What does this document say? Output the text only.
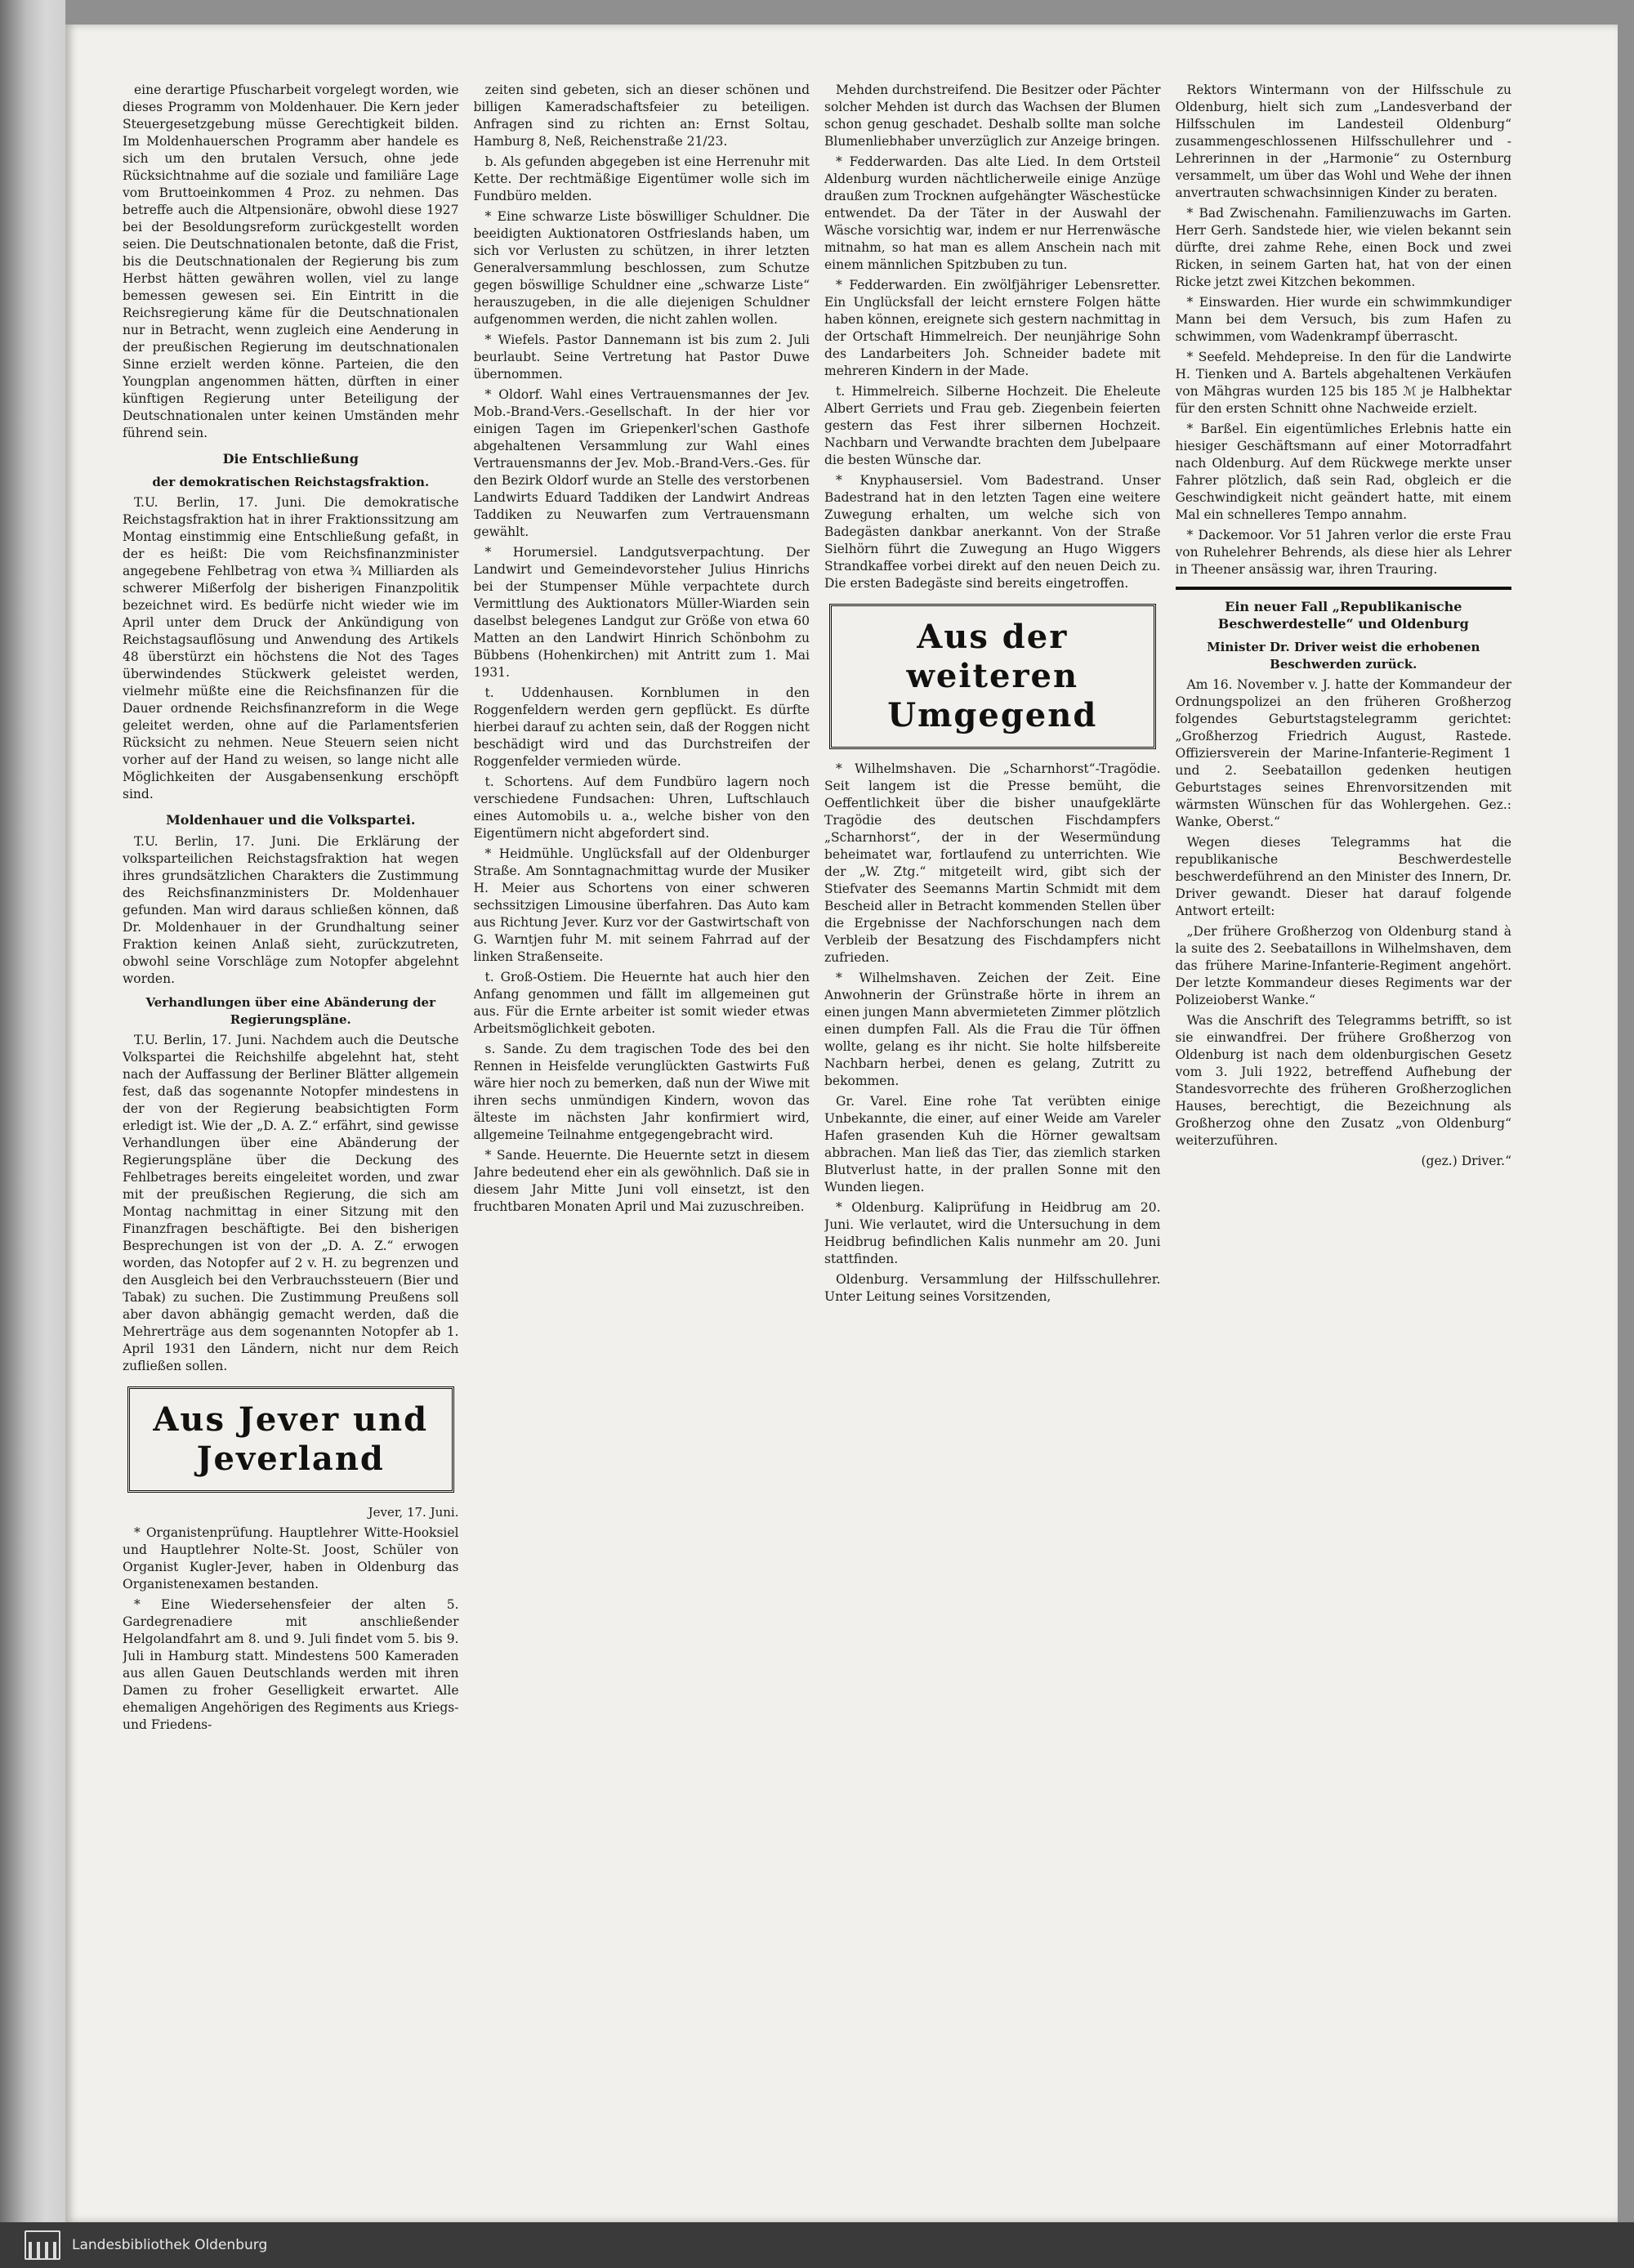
eine derartige Pfuscharbeit vorgelegt worden, wie dieses Programm von Moldenhauer. Die Kern jeder Steuergesetzgebung müsse Gerechtigkeit bilden. Im Moldenhauerschen Programm aber handele es sich um den brutalen Versuch, ohne jede Rücksichtnahme auf die soziale und familiäre Lage vom Bruttoeinkommen 4 Proz. zu nehmen. Das betreffe auch die Altpensionäre, obwohl diese 1927 bei der Besoldungsreform zurückgestellt worden seien. Die Deutschnationalen betonte, daß die Frist, bis die Deutschnationalen der Regierung bis zum Herbst hätten gewähren wollen, viel zu lange bemessen gewesen sei. Ein Eintritt in die Reichsregierung käme für die Deutschnationalen nur in Betracht, wenn zugleich eine Aenderung in der preußischen Regierung im deutschnationalen Sinne erzielt werden könne. Parteien, die den Youngplan angenommen hätten, dürften in einer künftigen Regierung unter Beteiligung der Deutschnationalen unter keinen Umständen mehr führend sein.

Die Entschließung
der demokratischen Reichstagsfraktion.

T.U. Berlin, 17. Juni. Die demokratische Reichstagsfraktion hat in ihrer Fraktionssitzung am Montag einstimmig eine Entschließung gefaßt, in der es heißt: Die vom Reichsfinanzminister angegebene Fehlbetrag von etwa ¾ Milliarden als schwerer Mißerfolg der bisherigen Finanzpolitik bezeichnet wird. Es bedürfe nicht wieder wie im April unter dem Druck der Ankündigung von Reichstagsauflösung und Anwendung des Artikels 48 überstürzt ein höchstens die Not des Tages überwindendes Stückwerk geleistet werden, vielmehr müßte eine die Reichsfinanzen für die Dauer ordnende Reichsfinanzreform in die Wege geleitet werden, ohne auf die Parlamentsferien Rücksicht zu nehmen. Neue Steuern seien nicht vorher auf der Hand zu weisen, so lange nicht alle Möglichkeiten der Ausgabensenkung erschöpft sind.

Moldenhauer und die Volkspartei.

T.U. Berlin, 17. Juni. Die Erklärung der volksparteilichen Reichstagsfraktion hat wegen ihres grundsätzlichen Charakters die Zustimmung des Reichsfinanzministers Dr. Moldenhauer gefunden. Man wird daraus schließen können, daß Dr. Moldenhauer in der Grundhaltung seiner Fraktion keinen Anlaß sieht, zurückzutreten, obwohl seine Vorschläge zum Notopfer abgelehnt worden.

Verhandlungen über eine Abänderung der Regierungspläne.

T.U. Berlin, 17. Juni. Nachdem auch die Deutsche Volkspartei die Reichshilfe abgelehnt hat, steht nach der Auffassung der Berliner Blätter allgemein fest, daß das sogenannte Notopfer mindestens in der von der Regierung beabsichtigten Form erledigt ist. Wie der „D. A. Z.“ erfährt, sind gewisse Verhandlungen über eine Abänderung der Regierungspläne über die Deckung des Fehlbetrages bereits eingeleitet worden, und zwar mit der preußischen Regierung, die sich am Montag nachmittag in einer Sitzung mit den Finanzfragen beschäftigte. Bei den bisherigen Besprechungen ist von der „D. A. Z.“ erwogen worden, das Notopfer auf 2 v. H. zu begrenzen und den Ausgleich bei den Verbrauchssteuern (Bier und Tabak) zu suchen. Die Zustimmung Preußens soll aber davon abhängig gemacht werden, daß die Mehrerträge aus dem sogenannten Notopfer ab 1. April 1931 den Ländern, nicht nur dem Reich zufließen sollen.

Aus Jever und Jeverland
Jever, 17. Juni.

* Organistenprüfung. Hauptlehrer Witte-Hooksiel und Hauptlehrer Nolte-St. Joost, Schüler von Organist Kugler-Jever, haben in Oldenburg das Organistenexamen bestanden.

* Eine Wiedersehensfeier der alten 5. Gardegrenadiere mit anschließender Helgolandfahrt am 8. und 9. Juli findet vom 5. bis 9. Juli in Hamburg statt. Mindestens 500 Kameraden aus allen Gauen Deutschlands werden mit ihren Damen zu froher Geselligkeit erwartet. Alle ehemaligen Angehörigen des Regiments aus Kriegs- und Friedens-

zeiten sind gebeten, sich an dieser schönen und billigen Kameradschaftsfeier zu beteiligen. Anfragen sind zu richten an: Ernst Soltau, Hamburg 8, Neß, Reichenstraße 21/23.

b. Als gefunden abgegeben ist eine Herrenuhr mit Kette. Der rechtmäßige Eigentümer wolle sich im Fundbüro melden.

* Eine schwarze Liste böswilliger Schuldner. Die beeidigten Auktionatoren Ostfrieslands haben, um sich vor Verlusten zu schützen, in ihrer letzten Generalversammlung beschlossen, zum Schutze gegen böswillige Schuldner eine „schwarze Liste“ herauszugeben, in die alle diejenigen Schuldner aufgenommen werden, die nicht zahlen wollen.

* Wiefels. Pastor Dannemann ist bis zum 2. Juli beurlaubt. Seine Vertretung hat Pastor Duwe übernommen.

* Oldorf. Wahl eines Vertrauensmannes der Jev. Mob.-Brand-Vers.-Gesellschaft. In der hier vor einigen Tagen im Griepenkerl'schen Gasthofe abgehaltenen Versammlung zur Wahl eines Vertrauensmanns der Jev. Mob.-Brand-Vers.-Ges. für den Bezirk Oldorf wurde an Stelle des verstorbenen Landwirts Eduard Taddiken der Landwirt Andreas Taddiken zu Neuwarfen zum Vertrauensmann gewählt.

* Horumersiel. Landgutsverpachtung. Der Landwirt und Gemeindevorsteher Julius Hinrichs bei der Stumpenser Mühle verpachtete durch Vermittlung des Auktionators Müller-Wiarden sein daselbst belegenes Landgut zur Größe von etwa 60 Matten an den Landwirt Hinrich Schönbohm zu Bübbens (Hohenkirchen) mit Antritt zum 1. Mai 1931.

t. Uddenhausen. Kornblumen in den Roggenfeldern werden gern gepflückt. Es dürfte hierbei darauf zu achten sein, daß der Roggen nicht beschädigt wird und das Durchstreifen der Roggenfelder vermieden würde.

t. Schortens. Auf dem Fundbüro lagern noch verschiedene Fundsachen: Uhren, Luftschlauch eines Automobils u. a., welche bisher von den Eigentümern nicht abgefordert sind.

* Heidmühle. Unglücksfall auf der Oldenburger Straße. Am Sonntagnachmittag wurde der Musiker H. Meier aus Schortens von einer schweren sechssitzigen Limousine überfahren. Das Auto kam aus Richtung Jever. Kurz vor der Gastwirtschaft von G. Warntjen fuhr M. mit seinem Fahrrad auf der linken Straßenseite.

t. Groß-Ostiem. Die Heuernte hat auch hier den Anfang genommen und fällt im allgemeinen gut aus. Für die Ernte arbeiter ist somit wieder etwas Arbeitsmöglichkeit geboten.

s. Sande. Zu dem tragischen Tode des bei den Rennen in Heisfelde verunglückten Gastwirts Fuß wäre hier noch zu bemerken, daß nun der Wiwe mit ihren sechs unmündigen Kindern, wovon das älteste im nächsten Jahr konfirmiert wird, allgemeine Teilnahme entgegengebracht wird.

* Sande. Heuernte. Die Heuernte setzt in diesem Jahre bedeutend eher ein als gewöhnlich. Daß sie in diesem Jahr Mitte Juni voll einsetzt, ist den fruchtbaren Monaten April und Mai zuzuschreiben.

Mehden durchstreifend. Die Besitzer oder Pächter solcher Mehden ist durch das Wachsen der Blumen schon genug geschadet. Deshalb sollte man solche Blumenliebhaber unverzüglich zur Anzeige bringen.

* Fedderwarden. Das alte Lied. In dem Ortsteil Aldenburg wurden nächtlicherweile einige Anzüge draußen zum Trocknen aufgehängter Wäschestücke entwendet. Da der Täter in der Auswahl der Wäsche vorsichtig war, indem er nur Herrenwäsche mitnahm, so hat man es allem Anschein nach mit einem männlichen Spitzbuben zu tun.

* Fedderwarden. Ein zwölfjähriger Lebensretter. Ein Unglücksfall der leicht ernstere Folgen hätte haben können, ereignete sich gestern nachmittag in der Ortschaft Himmelreich. Der neunjährige Sohn des Landarbeiters Joh. Schneider badete mit mehreren Kindern in der Made.

t. Himmelreich. Silberne Hochzeit. Die Eheleute Albert Gerriets und Frau geb. Ziegenbein feierten gestern das Fest ihrer silbernen Hochzeit. Nachbarn und Verwandte brachten dem Jubelpaare die besten Wünsche dar.

* Knyphausersiel. Vom Badestrand. Unser Badestrand hat in den letzten Tagen eine weitere Zuwegung erhalten, um welche sich von Badegästen dankbar anerkannt. Von der Straße Sielhörn führt die Zuwegung an Hugo Wiggers Strandkaffee vorbei direkt auf den neuen Deich zu. Die ersten Badegäste sind bereits eingetroffen.

Aus der weiteren Umgegend

* Wilhelmshaven. Die „Scharnhorst“-Tragödie. Seit langem ist die Presse bemüht, die Oeffentlichkeit über die bisher unaufgeklärte Tragödie des deutschen Fischdampfers „Scharnhorst“, der in der Wesermündung beheimatet war, fortlaufend zu unterrichten. Wie der „W. Ztg.“ mitgeteilt wird, gibt sich der Stiefvater des Seemanns Martin Schmidt mit dem Bescheid aller in Betracht kommenden Stellen über die Ergebnisse der Nachforschungen nach dem Verbleib der Besatzung des Fischdampfers nicht zufrieden.

* Wilhelmshaven. Zeichen der Zeit. Eine Anwohnerin der Grünstraße hörte in ihrem an einen jungen Mann abvermieteten Zimmer plötzlich einen dumpfen Fall. Als die Frau die Tür öffnen wollte, gelang es ihr nicht. Sie holte hilfsbereite Nachbarn herbei, denen es gelang, Zutritt zu bekommen.

Gr. Varel. Eine rohe Tat verübten einige Unbekannte, die einer, auf einer Weide am Vareler Hafen grasenden Kuh die Hörner gewaltsam abbrachen. Man ließ das Tier, das ziemlich starken Blutverlust hatte, in der prallen Sonne mit den Wunden liegen.

* Oldenburg. Kaliprüfung in Heidbrug am 20. Juni. Wie verlautet, wird die Untersuchung in dem Heidbrug befindlichen Kalis nunmehr am 20. Juni stattfinden.

Oldenburg. Versammlung der Hilfsschullehrer. Unter Leitung seines Vorsitzenden,

Rektors Wintermann von der Hilfsschule zu Oldenburg, hielt sich zum „Landesverband der Hilfsschulen im Landesteil Oldenburg“ zusammengeschlossenen Hilfsschullehrer und -Lehrerinnen in der „Harmonie“ zu Osternburg versammelt, um über das Wohl und Wehe der ihnen anvertrauten schwachsinnigen Kinder zu beraten.

* Bad Zwischenahn. Familienzuwachs im Garten. Herr Gerh. Sandstede hier, wie vielen bekannt sein dürfte, drei zahme Rehe, einen Bock und zwei Ricken, in seinem Garten hat, hat von der einen Ricke jetzt zwei Kitzchen bekommen.

* Einswarden. Hier wurde ein schwimmkundiger Mann bei dem Versuch, bis zum Hafen zu schwimmen, vom Wadenkrampf überrascht.

* Seefeld. Mehdepreise. In den für die Landwirte H. Tienken und A. Bartels abgehaltenen Verkäufen von Mähgras wurden 125 bis 185 ℳ je Halbhektar für den ersten Schnitt ohne Nachweide erzielt.

* Barßel. Ein eigentümliches Erlebnis hatte ein hiesiger Geschäftsmann auf einer Motorradfahrt nach Oldenburg. Auf dem Rückwege merkte unser Fahrer plötzlich, daß sein Rad, obgleich er die Geschwindigkeit nicht geändert hatte, mit einem Mal ein schnelleres Tempo annahm.

* Dackemoor. Vor 51 Jahren verlor die erste Frau von Ruhelehrer Behrends, als diese hier als Lehrer in Theener ansässig war, ihren Trauring.

Ein neuer Fall „Republikanische Beschwerdestelle“ und Oldenburg
Minister Dr. Driver weist die erhobenen Beschwerden zurück.

Am 16. November v. J. hatte der Kommandeur der Ordnungspolizei an den früheren Großherzog folgendes Geburtstagstelegramm gerichtet: „Großherzog Friedrich August, Rastede. Offiziersverein der Marine-Infanterie-Regiment 1 und 2. Seebataillon gedenken heutigen Geburtstages seines Ehrenvorsitzenden mit wärmsten Wünschen für das Wohlergehen. Gez.: Wanke, Oberst.“

Wegen dieses Telegramms hat die republikanische Beschwerdestelle beschwerdeführend an den Minister des Innern, Dr. Driver gewandt. Dieser hat darauf folgende Antwort erteilt:

„Der frühere Großherzog von Oldenburg stand à la suite des 2. Seebataillons in Wilhelmshaven, dem das frühere Marine-Infanterie-Regiment angehört. Der letzte Kommandeur dieses Regiments war der Polizeioberst Wanke.“

Was die Anschrift des Telegramms betrifft, so ist sie einwandfrei. Der frühere Großherzog von Oldenburg ist nach dem oldenburgischen Gesetz vom 3. Juli 1922, betreffend Aufhebung der Standesvorrechte des früheren Großherzoglichen Hauses, berechtigt, die Bezeichnung als Großherzog ohne den Zusatz „von Oldenburg“ weiterzuführen.

(gez.) Driver.“

Landesbibliothek Oldenburg
